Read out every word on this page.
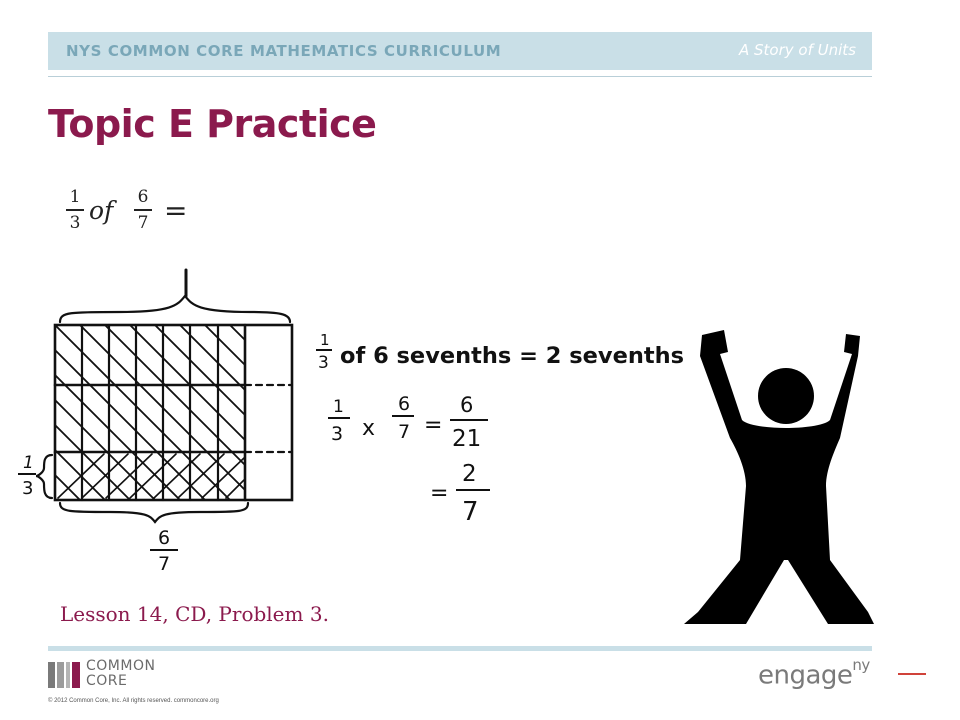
NYS COMMON CORE MATHEMATICS CURRICULUM	A Story of Units
Topic E Practice
1
3 of	6
7 =
1
3
6
7
1
3 of 6 sevenths = 2 sevenths
1
3 x
6
7 =
6
21
=
2
7
Lesson 14, CD, Problem 3.
COMMON
CORE
© 2012 Common Core, Inc. All rights reserved. commoncore.org
engage$^{ny}$
